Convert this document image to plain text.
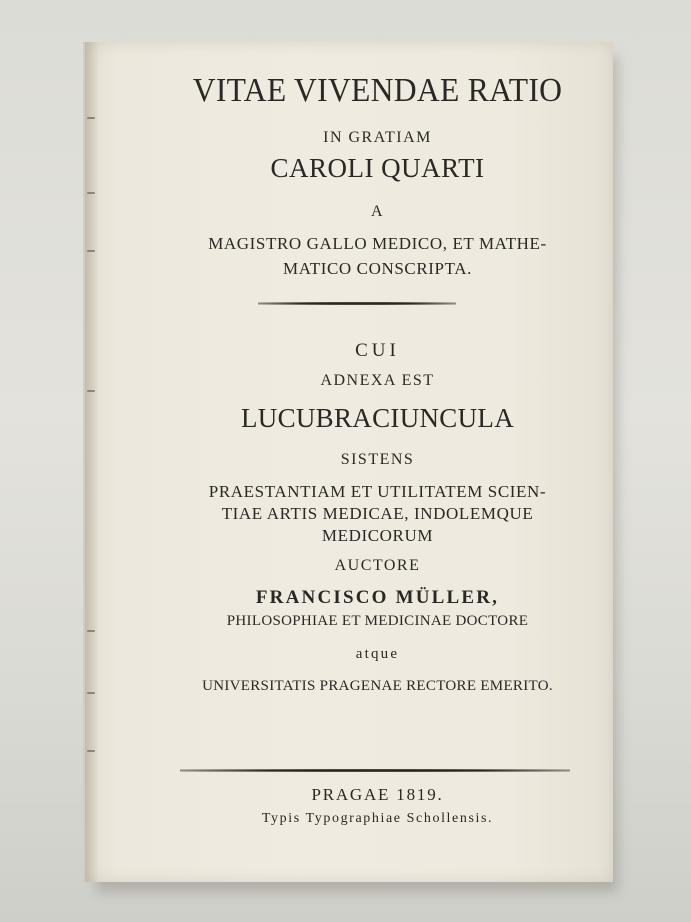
VITAE VIVENDAE RATIO
IN GRATIAM
CAROLI QUARTI
A
MAGISTRO GALLO MEDICO, ET MATHE-
MATICO CONSCRIPTA.
CUI
ADNEXA EST
LUCUBRACIUNCULA
SISTENS
PRAESTANTIAM ET UTILITATEM SCIEN-
TIAE ARTIS MEDICAE, INDOLEMQUE
MEDICORUM
AUCTORE
FRANCISCO MÜLLER,
PHILOSOPHIAE ET MEDICINAE DOCTORE
atque
UNIVERSITATIS PRAGENAE RECTORE EMERITO.
PRAGAE 1819.
Typis Typographiae Schollensis.
